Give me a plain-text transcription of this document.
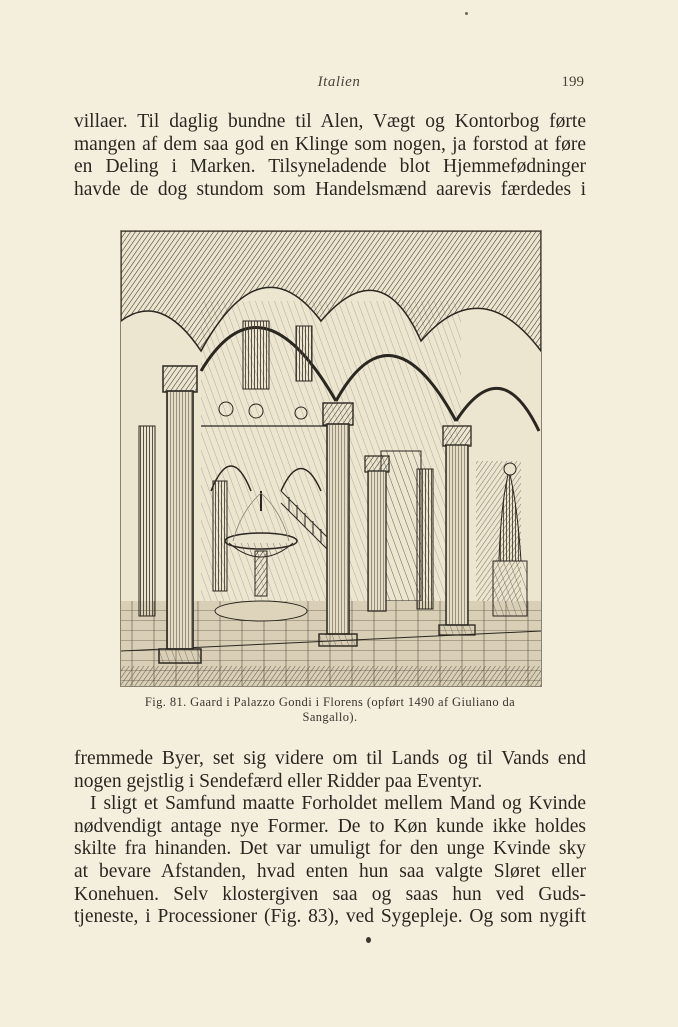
Italien	199
villaer. Til daglig bundne til Alen, Vægt og Kontorbog førte
mangen af dem saa god en Klinge som nogen, ja forstod at føre
en Deling i Marken. Tilsyneladende blot Hjemmefødninger
havde de dog stundom som Handelsmænd aarevis færdedes i
Fig. 81. Gaard i Palazzo Gondi i Florens (opført 1490 af Giuliano da
Sangallo).
fremmede Byer, set sig videre om til Lands og til Vands end
nogen gejstlig i Sendefærd eller Ridder paa Eventyr.
I sligt et Samfund maatte Forholdet mellem Mand og Kvinde
nødvendigt antage nye Former. De to Køn kunde ikke holdes
skilte fra hinanden. Det var umuligt for den unge Kvinde sky
at bevare Afstanden, hvad enten hun saa valgte Sløret eller
Konehuen. Selv klostergiven saa og saas hun ved Guds-
tjeneste, i Processioner (Fig. 83), ved Sygepleje. Og som nygift
